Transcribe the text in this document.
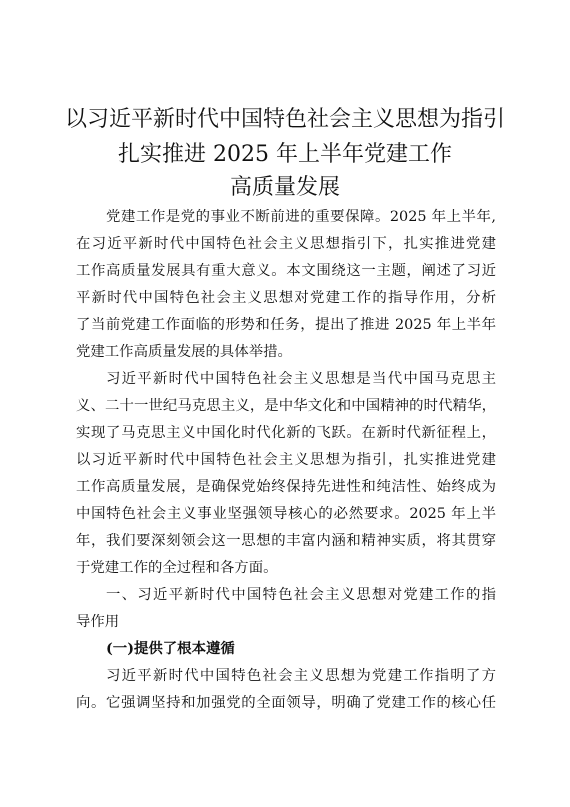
以习近平新时代中国特色社会主义思想为指引
扎实推进 2025 年上半年党建工作
高质量发展
党建工作是党的事业不断前进的重要保障。2025 年上半年,
在习近平新时代中国特色社会主义思想指引下，扎实推进党建
工作高质量发展具有重大意义。本文围绕这一主题，阐述了习近
平新时代中国特色社会主义思想对党建工作的指导作用，分析
了当前党建工作面临的形势和任务，提出了推进 2025 年上半年
党建工作高质量发展的具体举措。
习近平新时代中国特色社会主义思想是当代中国马克思主
义、二十一世纪马克思主义，是中华文化和中国精神的时代精华，
实现了马克思主义中国化时代化新的飞跃。在新时代新征程上，
以习近平新时代中国特色社会主义思想为指引，扎实推进党建
工作高质量发展，是确保党始终保持先进性和纯洁性、始终成为
中国特色社会主义事业坚强领导核心的必然要求。2025 年上半
年，我们要深刻领会这一思想的丰富内涵和精神实质，将其贯穿
于党建工作的全过程和各方面。
一、习近平新时代中国特色社会主义思想对党建工作的指
导作用
(一)提供了根本遵循
习近平新时代中国特色社会主义思想为党建工作指明了方
向。它强调坚持和加强党的全面领导，明确了党建工作的核心任
